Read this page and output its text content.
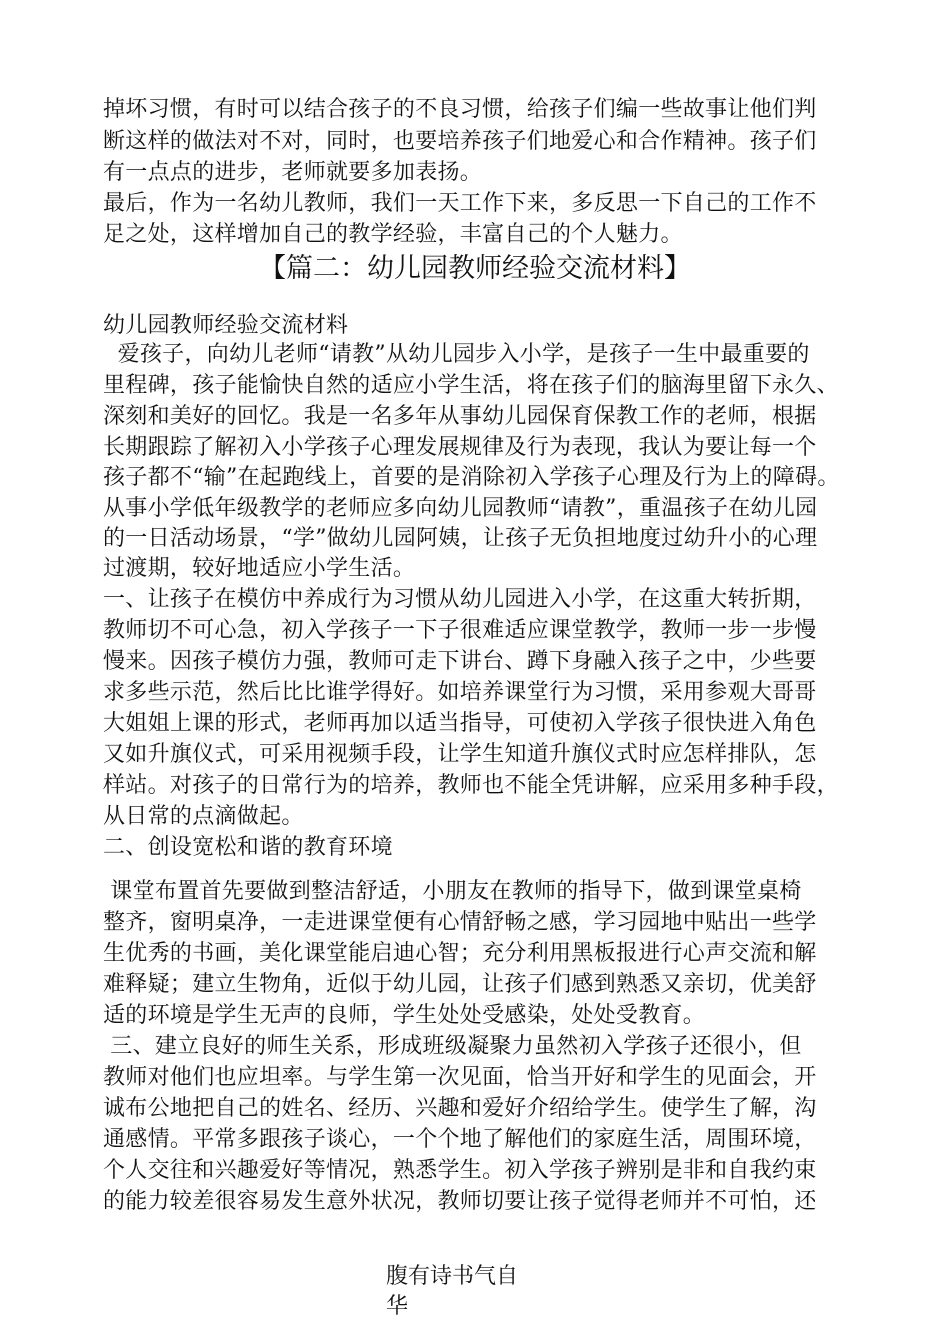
掉坏习惯，有时可以结合孩子的不良习惯，给孩子们编一些故事让他们判
断这样的做法对不对，同时，也要培养孩子们地爱心和合作精神。孩子们
有一点点的进步，老师就要多加表扬。
最后，作为一名幼儿教师，我们一天工作下来，多反思一下自己的工作不
足之处，这样增加自己的教学经验，丰富自己的个人魅力。
【篇二：幼儿园教师经验交流材料】
幼儿园教师经验交流材料
爱孩子，向幼儿老师“请教”从幼儿园步入小学，是孩子一生中最重要的
里程碑，孩子能愉快自然的适应小学生活，将在孩子们的脑海里留下永久、
深刻和美好的回忆。我是一名多年从事幼儿园保育保教工作的老师，根据
长期跟踪了解初入小学孩子心理发展规律及行为表现，我认为要让每一个
孩子都不“输”在起跑线上，首要的是消除初入学孩子心理及行为上的障碍。
从事小学低年级教学的老师应多向幼儿园教师“请教”，重温孩子在幼儿园
的一日活动场景，“学”做幼儿园阿姨，让孩子无负担地度过幼升小的心理
过渡期，较好地适应小学生活。
一、让孩子在模仿中养成行为习惯从幼儿园进入小学，在这重大转折期，
教师切不可心急，初入学孩子一下子很难适应课堂教学，教师一步一步慢
慢来。因孩子模仿力强，教师可走下讲台、蹲下身融入孩子之中，少些要
求多些示范，然后比比谁学得好。如培养课堂行为习惯，采用参观大哥哥
大姐姐上课的形式，老师再加以适当指导，可使初入学孩子很快进入角色
又如升旗仪式，可采用视频手段，让学生知道升旗仪式时应怎样排队，怎
样站。对孩子的日常行为的培养，教师也不能全凭讲解，应采用多种手段，
从日常的点滴做起。
二、创设宽松和谐的教育环境
课堂布置首先要做到整洁舒适，小朋友在教师的指导下，做到课堂桌椅
整齐，窗明桌净，一走进课堂便有心情舒畅之感，学习园地中贴出一些学
生优秀的书画，美化课堂能启迪心智；充分利用黑板报进行心声交流和解
难释疑；建立生物角，近似于幼儿园，让孩子们感到熟悉又亲切，优美舒
适的环境是学生无声的良师，学生处处受感染，处处受教育。
三、建立良好的师生关系，形成班级凝聚力虽然初入学孩子还很小，但
教师对他们也应坦率。与学生第一次见面，恰当开好和学生的见面会，开
诚布公地把自己的姓名、经历、兴趣和爱好介绍给学生。使学生了解，沟
通感情。平常多跟孩子谈心，一个个地了解他们的家庭生活，周围环境，
个人交往和兴趣爱好等情况，熟悉学生。初入学孩子辨别是非和自我约束
的能力较差很容易发生意外状况，教师切要让孩子觉得老师并不可怕，还
腹有诗书气自
华
